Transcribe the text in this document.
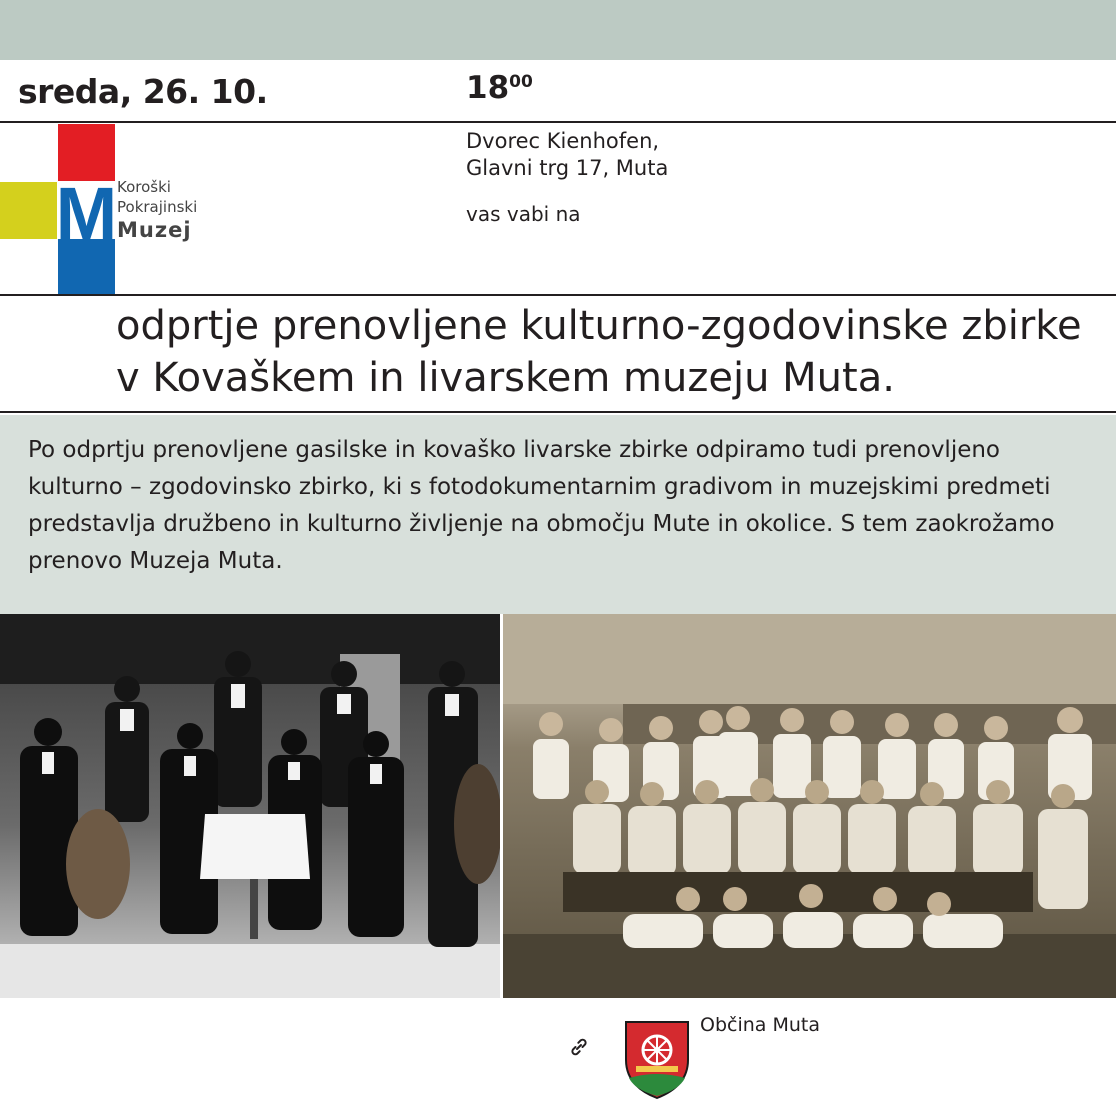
sreda, 26. 10.	$18^{00}$
M Koroški
Pokrajinski
Muzej
Dvorec Kienhofen,
Glavni trg 17, Muta
vas vabi na
odprtje prenovljene kulturno-zgodovinske zbirke
v Kovaškem in livarskem muzeju Muta.
Po odprtju prenovljene gasilske in kovaško livarske zbirke odpiramo tudi prenovljeno kulturno – zgodovinsko zbirko, ki s fotodokumentarnim gradivom in muzejskimi predmeti predstavlja družbeno in kulturno življenje na območju Mute in okolice. S tem zaokrožamo prenovo Muzeja Muta.
Občina Muta
